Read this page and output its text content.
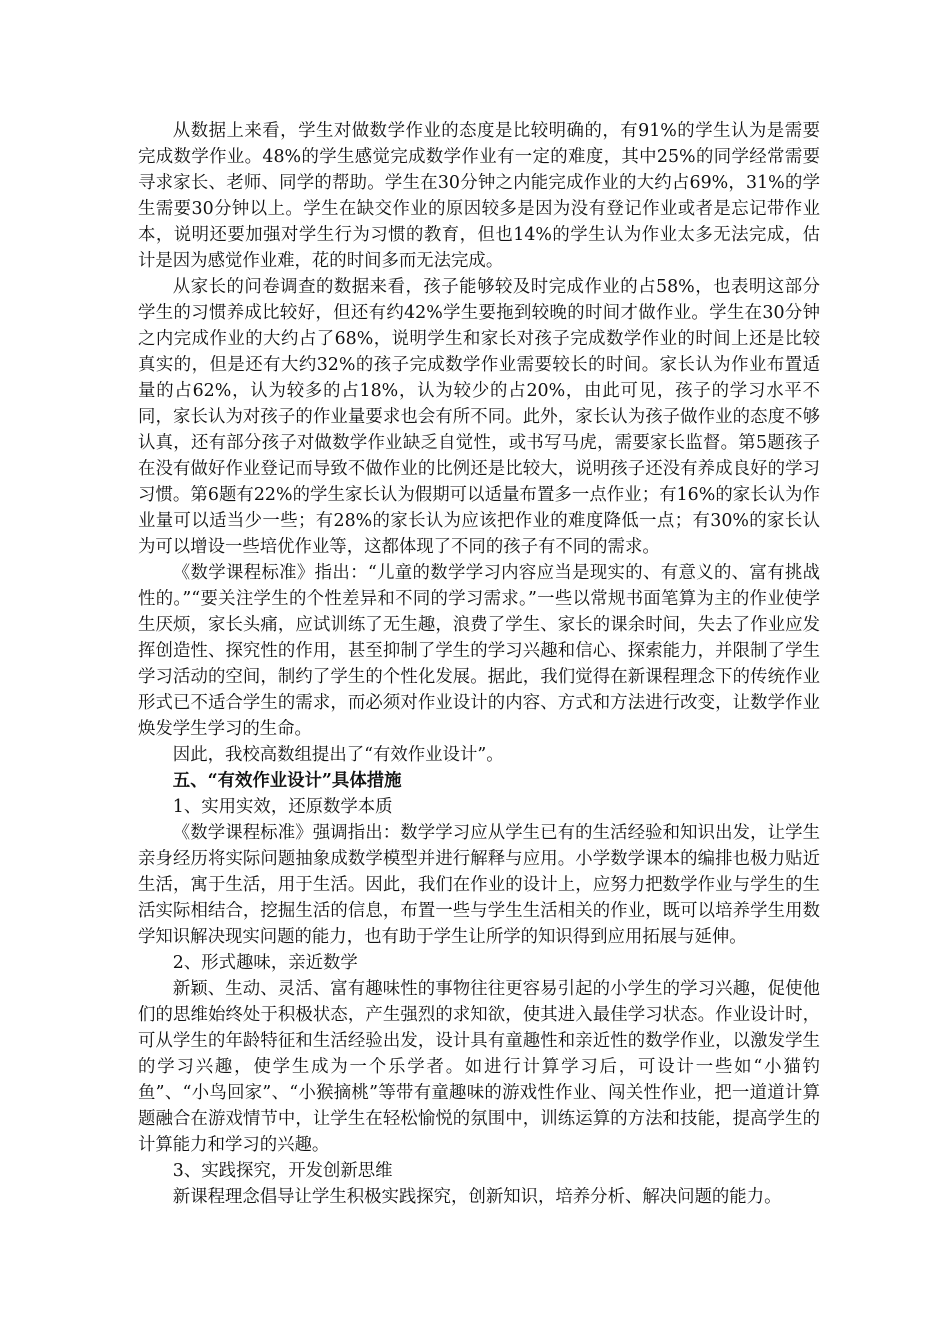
从数据上来看，学生对做数学作业的态度是比较明确的，有91%的学生认为是需要完成数学作业。48%的学生感觉完成数学作业有一定的难度，其中25%的同学经常需要寻求家长、老师、同学的帮助。学生在30分钟之内能完成作业的大约占69%，31%的学生需要30分钟以上。学生在缺交作业的原因较多是因为没有登记作业或者是忘记带作业本，说明还要加强对学生行为习惯的教育，但也14%的学生认为作业太多无法完成，估计是因为感觉作业难，花的时间多而无法完成。

从家长的问卷调查的数据来看，孩子能够较及时完成作业的占58%，也表明这部分学生的习惯养成比较好，但还有约42%学生要拖到较晚的时间才做作业。学生在30分钟之内完成作业的大约占了68%，说明学生和家长对孩子完成数学作业的时间上还是比较真实的，但是还有大约32%的孩子完成数学作业需要较长的时间。家长认为作业布置适量的占62%，认为较多的占18%，认为较少的占20%，由此可见，孩子的学习水平不同，家长认为对孩子的作业量要求也会有所不同。此外，家长认为孩子做作业的态度不够认真，还有部分孩子对做数学作业缺乏自觉性，或书写马虎，需要家长监督。第5题孩子在没有做好作业登记而导致不做作业的比例还是比较大，说明孩子还没有养成良好的学习习惯。第6题有22%的学生家长认为假期可以适量布置多一点作业；有16%的家长认为作业量可以适当少一些；有28%的家长认为应该把作业的难度降低一点；有30%的家长认为可以增设一些培优作业等，这都体现了不同的孩子有不同的需求。

《数学课程标准》指出：“儿童的数学学习内容应当是现实的、有意义的、富有挑战性的。”“要关注学生的个性差异和不同的学习需求。”一些以常规书面笔算为主的作业使学生厌烦，家长头痛，应试训练了无生趣，浪费了学生、家长的课余时间，失去了作业应发挥创造性、探究性的作用，甚至抑制了学生的学习兴趣和信心、探索能力，并限制了学生学习活动的空间，制约了学生的个性化发展。据此，我们觉得在新课程理念下的传统作业形式已不适合学生的需求，而必须对作业设计的内容、方式和方法进行改变，让数学作业焕发学生学习的生命。

因此，我校高数组提出了“有效作业设计”。

五、“有效作业设计”具体措施

1、实用实效，还原数学本质

《数学课程标准》强调指出：数学学习应从学生已有的生活经验和知识出发，让学生亲身经历将实际问题抽象成数学模型并进行解释与应用。小学数学课本的编排也极力贴近生活，寓于生活，用于生活。因此，我们在作业的设计上，应努力把数学作业与学生的生活实际相结合，挖掘生活的信息，布置一些与学生生活相关的作业，既可以培养学生用数学知识解决现实问题的能力，也有助于学生让所学的知识得到应用拓展与延伸。

2、形式趣味，亲近数学

新颖、生动、灵活、富有趣味性的事物往往更容易引起的小学生的学习兴趣，促使他们的思维始终处于积极状态，产生强烈的求知欲，使其进入最佳学习状态。作业设计时，可从学生的年龄特征和生活经验出发，设计具有童趣性和亲近性的数学作业，以激发学生的学习兴趣，使学生成为一个乐学者。如进行计算学习后，可设计一些如“小猫钓鱼”、“小鸟回家”、“小猴摘桃”等带有童趣味的游戏性作业、闯关性作业，把一道道计算题融合在游戏情节中，让学生在轻松愉悦的氛围中，训练运算的方法和技能，提高学生的计算能力和学习的兴趣。

3、实践探究，开发创新思维

新课程理念倡导让学生积极实践探究，创新知识，培养分析、解决问题的能力。
